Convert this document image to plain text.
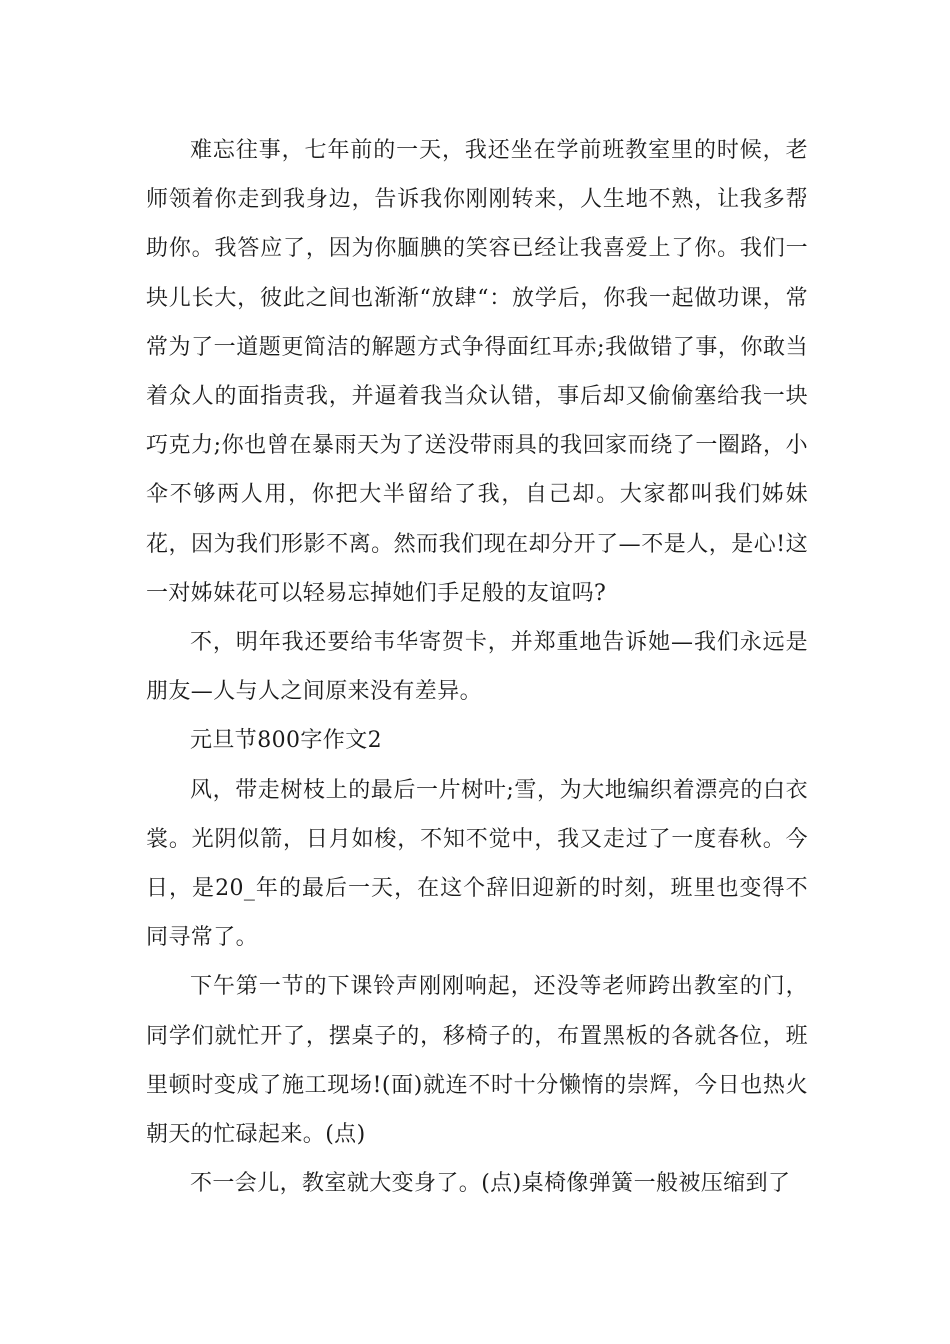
难忘往事，七年前的一天，我还坐在学前班教室里的时候，老师领着你走到我身边，告诉我你刚刚转来，人生地不熟，让我多帮助你。我答应了，因为你腼腆的笑容已经让我喜爱上了你。我们一块儿长大，彼此之间也渐渐“放肆“：放学后，你我一起做功课，常常为了一道题更简洁的解题方式争得面红耳赤;我做错了事，你敢当着众人的面指责我，并逼着我当众认错，事后却又偷偷塞给我一块巧克力;你也曾在暴雨天为了送没带雨具的我回家而绕了一圈路，小伞不够两人用，你把大半留给了我，自己却。大家都叫我们姊妹花，因为我们形影不离。然而我们现在却分开了—不是人，是心!这一对姊妹花可以轻易忘掉她们手足般的友谊吗?

不，明年我还要给韦华寄贺卡，并郑重地告诉她—我们永远是朋友—人与人之间原来没有差异。

元旦节800字作文2

风，带走树枝上的最后一片树叶;雪，为大地编织着漂亮的白衣裳。光阴似箭，日月如梭，不知不觉中，我又走过了一度春秋。今日，是20_年的最后一天，在这个辞旧迎新的时刻，班里也变得不同寻常了。

下午第一节的下课铃声刚刚响起，还没等老师跨出教室的门，同学们就忙开了，摆桌子的，移椅子的，布置黑板的各就各位，班里顿时变成了施工现场!(面)就连不时十分懒惰的崇辉，今日也热火朝天的忙碌起来。(点)

不一会儿，教室就大变身了。(点)桌椅像弹簧一般被压缩到了
